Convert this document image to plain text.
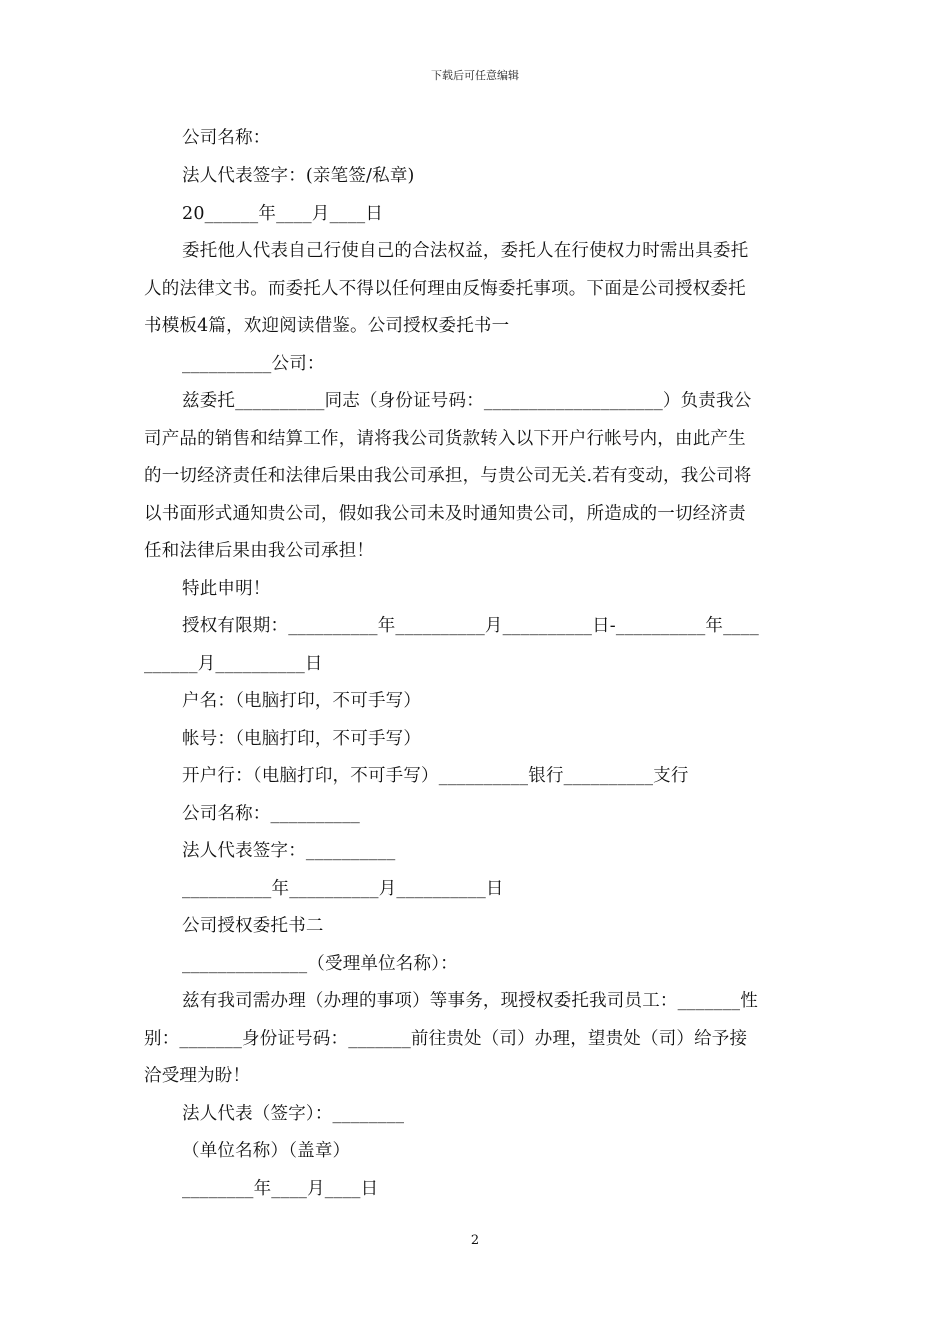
下载后可任意编辑
公司名称：
法人代表签字：(亲笔签/私章)
20______年____月____日
委托他人代表自己行使自己的合法权益，委托人在行使权力时需出具委托
人的法律文书。而委托人不得以任何理由反悔委托事项。下面是公司授权委托
书模板4篇，欢迎阅读借鉴。公司授权委托书一
__________公司：
兹委托__________同志（身份证号码：____________________）负责我公
司产品的销售和结算工作，请将我公司货款转入以下开户行帐号内，由此产生
的一切经济责任和法律后果由我公司承担，与贵公司无关.若有变动，我公司将
以书面形式通知贵公司，假如我公司未及时通知贵公司，所造成的一切经济责
任和法律后果由我公司承担！
特此申明！
授权有限期：__________年__________月__________日-__________年____
______月__________日
户名：（电脑打印，不可手写）
帐号：（电脑打印，不可手写）
开户行：（电脑打印，不可手写）__________银行__________支行
公司名称：__________
法人代表签字：__________
__________年__________月__________日
公司授权委托书二
______________（受理单位名称）：
兹有我司需办理（办理的事项）等事务，现授权委托我司员工：_______性
别：_______身份证号码：_______前往贵处（司）办理，望贵处（司）给予接
洽受理为盼！
法人代表（签字）：________
（单位名称）（盖章）
________年____月____日
2
